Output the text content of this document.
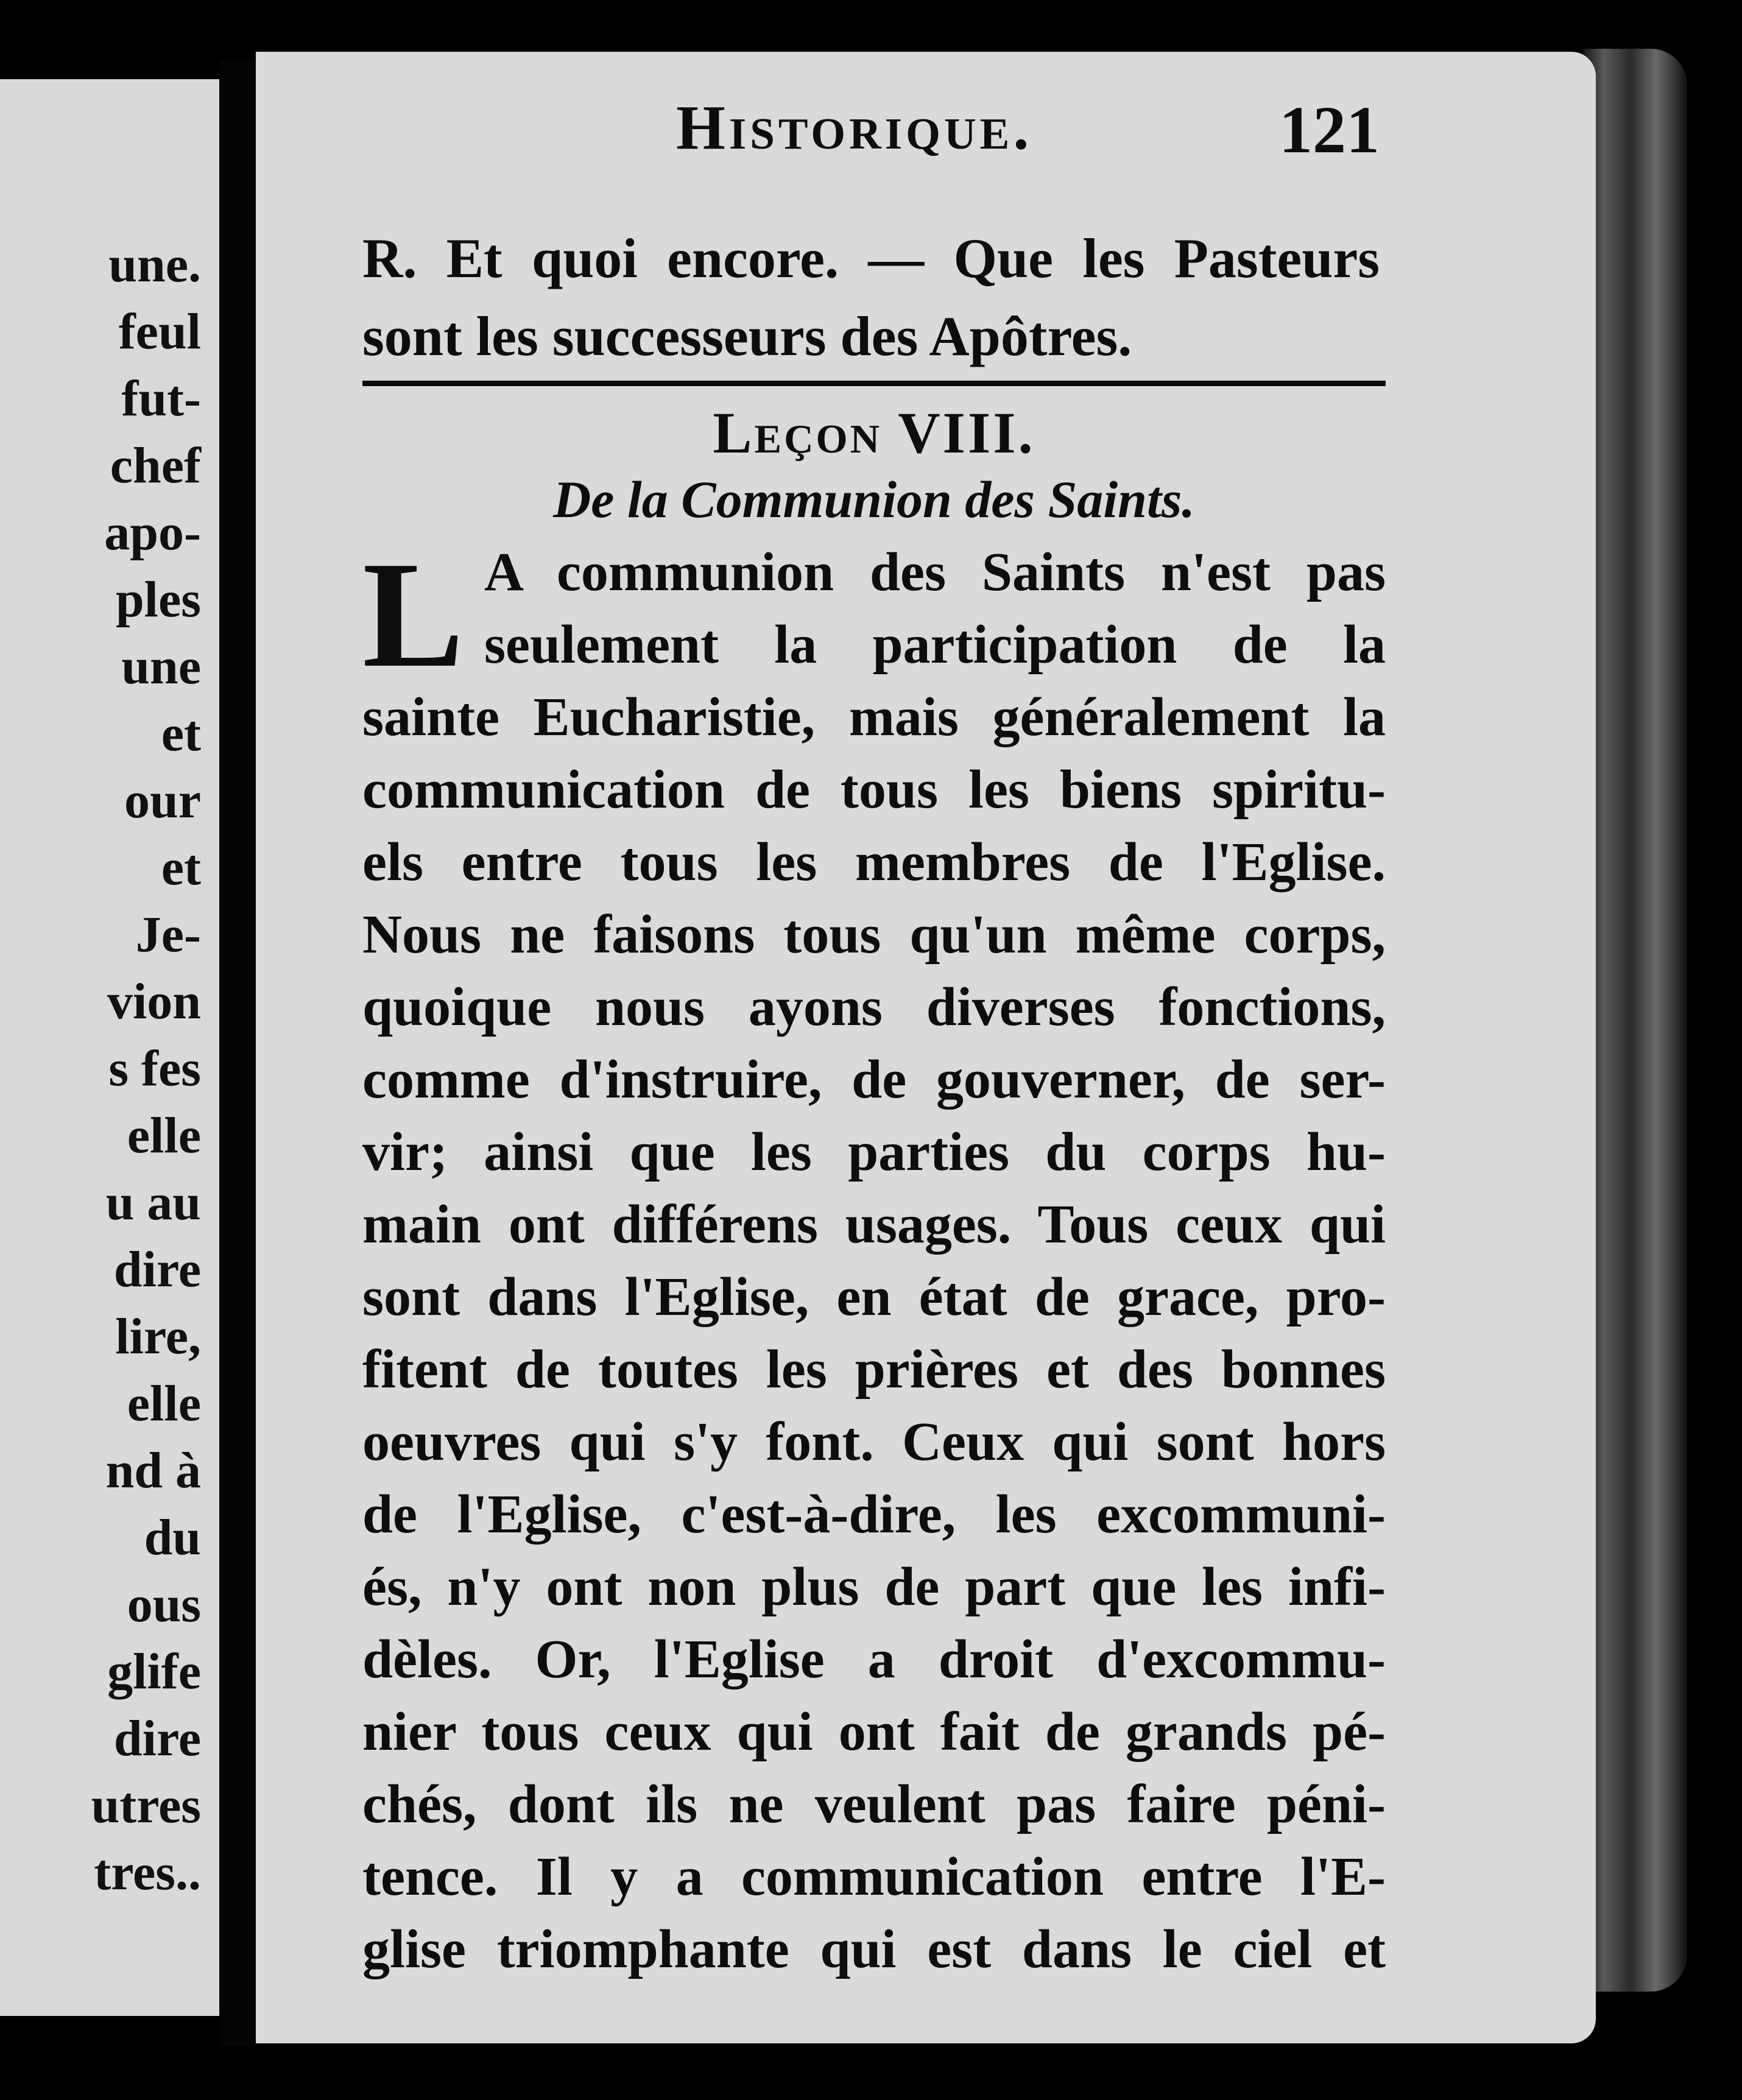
une.
feul
fut-
chef
apo-
ples
une
et
our
et
Je-
vion
s fes
elle
u au
dire
lire,
elle
nd à
du
ous
glife
dire
utres
tres..
Historique.	121
R. Et quoi encore. — Que les Pasteurs
sont les successeurs des Apôtres.
Leçon VIII.
De la Communion des Saints.
L A communion des Saints n'est pas
seulement la participation de la
sainte Eucharistie, mais généralement la
communication de tous les biens spiritu-
els entre tous les membres de l'Eglise.
Nous ne faisons tous qu'un même corps,
quoique nous ayons diverses fonctions,
comme d'instruire, de gouverner, de ser-
vir; ainsi que les parties du corps hu-
main ont différens usages. Tous ceux qui
sont dans l'Eglise, en état de grace, pro-
fitent de toutes les prières et des bonnes
oeuvres qui s'y font. Ceux qui sont hors
de l'Eglise, c'est-à-dire, les excommuni-
és, n'y ont non plus de part que les infi-
dèles. Or, l'Eglise a droit d'excommu-
nier tous ceux qui ont fait de grands pé-
chés, dont ils ne veulent pas faire péni-
tence. Il y a communication entre l'E-
glise triomphante qui est dans le ciel et
